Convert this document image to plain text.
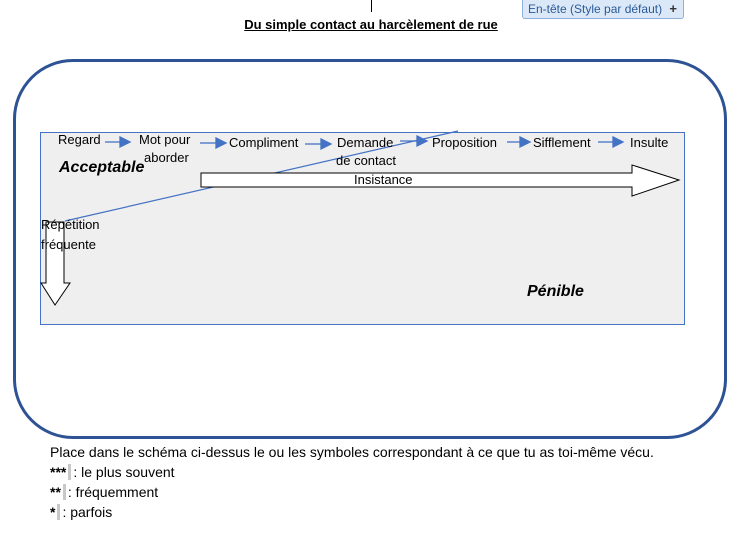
En-tête (Style par défaut) +
Du simple contact au harcèlement de rue
Regard	Mot pour
aborder
Compliment	Demande
de contact
Proposition	Sifflement	Insulte
Acceptable
Pénible
Insistance
Répétition
fréquente
Place dans le schéma ci-dessus le ou les symboles correspondant à ce que tu as toi-même vécu.
*** : le plus souvent
** : fréquemment
* : parfois
